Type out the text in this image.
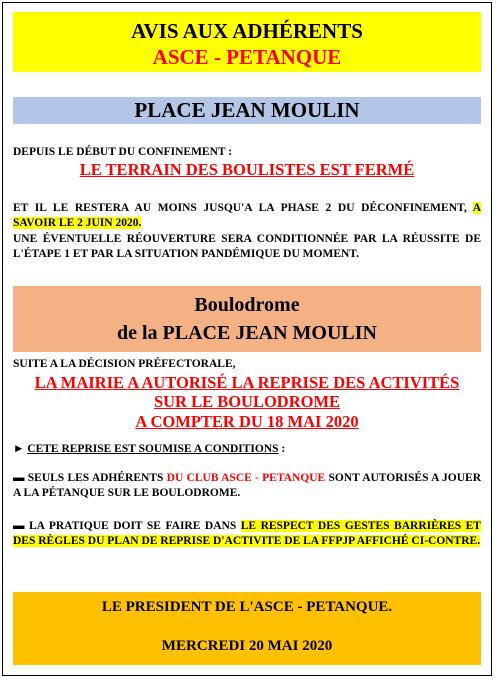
AVIS AUX ADHÉRENTS
ASCE - PETANQUE
PLACE JEAN MOULIN
DEPUIS LE DÉBUT DU CONFINEMENT :
LE TERRAIN DES BOULISTES EST FERMÉ
ET IL LE RESTERA AU MOINS JUSQU'A LA PHASE 2 DU DÉCONFINEMENT, A SAVOIR LE 2 JUIN 2020.
UNE ÉVENTUELLE RÉOUVERTURE SERA CONDITIONNÉE PAR LA RÉUSSITE DE L'ÉTAPE 1 ET PAR LA SITUATION PANDÉMIQUE DU MOMENT.
Boulodrome
de la PLACE JEAN MOULIN
SUITE A LA DÉCISION PRÉFECTORALE,
LA MAIRIE A AUTORISÉ LA REPRISE DES ACTIVITÉS
SUR LE BOULODROME
A COMPTER DU 18 MAI 2020
► CETE REPRISE EST SOUMISE A CONDITIONS :
▬ SEULS LES ADHÉRENTS DU CLUB ASCE - PETANQUE SONT AUTORISÉS A JOUER A LA PÉTANQUE SUR LE BOULODROME.
▬ LA PRATIQUE DOIT SE FAIRE DANS LE RESPECT DES GESTES BARRIÈRES ET DES RÈGLES DU PLAN DE REPRISE D'ACTIVITE DE LA FFPJP AFFICHÉ CI-CONTRE.
LE PRESIDENT DE L'ASCE - PETANQUE.
MERCREDI 20 MAI 2020
